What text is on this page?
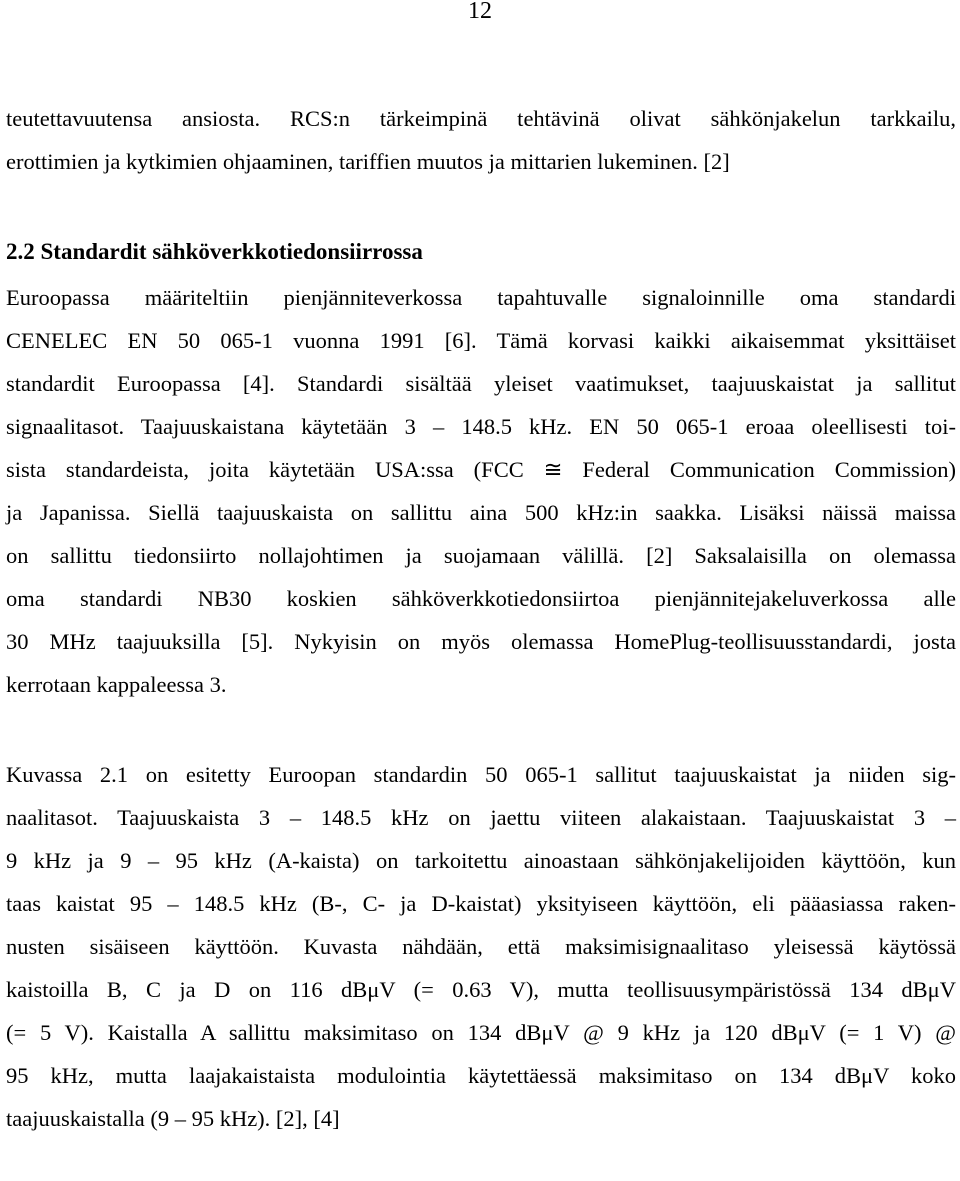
12
teutettavuutensa ansiosta. RCS:n tärkeimpinä tehtävinä olivat sähkönjakelun tarkkailu,
erottimien ja kytkimien ohjaaminen, tariffien muutos ja mittarien lukeminen. [2]
2.2 Standardit sähköverkkotiedonsiirrossa
Euroopassa määriteltiin pienjänniteverkossa tapahtuvalle signaloinnille oma standardi
CENELEC EN 50 065-1 vuonna 1991 [6]. Tämä korvasi kaikki aikaisemmat yksittäiset
standardit Euroopassa [4]. Standardi sisältää yleiset vaatimukset, taajuuskaistat ja sallitut
signaalitasot. Taajuuskaistana käytetään 3 – 148.5 kHz. EN 50 065-1 eroaa oleellisesti toi-
sista standardeista, joita käytetään USA:ssa (FCC ≅ Federal Communication Commission)
ja Japanissa. Siellä taajuuskaista on sallittu aina 500 kHz:in saakka. Lisäksi näissä maissa
on sallittu tiedonsiirto nollajohtimen ja suojamaan välillä. [2] Saksalaisilla on olemassa
oma standardi NB30 koskien sähköverkkotiedonsiirtoa pienjännitejakeluverkossa alle
30 MHz taajuuksilla [5]. Nykyisin on myös olemassa HomePlug-teollisuusstandardi, josta
kerrotaan kappaleessa 3.
Kuvassa 2.1 on esitetty Euroopan standardin 50 065-1 sallitut taajuuskaistat ja niiden sig-
naalitasot. Taajuuskaista 3 – 148.5 kHz on jaettu viiteen alakaistaan. Taajuuskaistat 3 –
9 kHz ja 9 – 95 kHz (A-kaista) on tarkoitettu ainoastaan sähkönjakelijoiden käyttöön, kun
taas kaistat 95 – 148.5 kHz (B-, C- ja D-kaistat) yksityiseen käyttöön, eli pääasiassa raken-
nusten sisäiseen käyttöön. Kuvasta nähdään, että maksimisignaalitaso yleisessä käytössä
kaistoilla B, C ja D on 116 dBμV (= 0.63 V), mutta teollisuusympäristössä 134 dBμV
(= 5 V). Kaistalla A sallittu maksimitaso on 134 dBμV @ 9 kHz ja 120 dBμV (= 1 V) @
95 kHz, mutta laajakaistaista modulointia käytettäessä maksimitaso on 134 dBμV koko
taajuuskaistalla (9 – 95 kHz). [2], [4]
